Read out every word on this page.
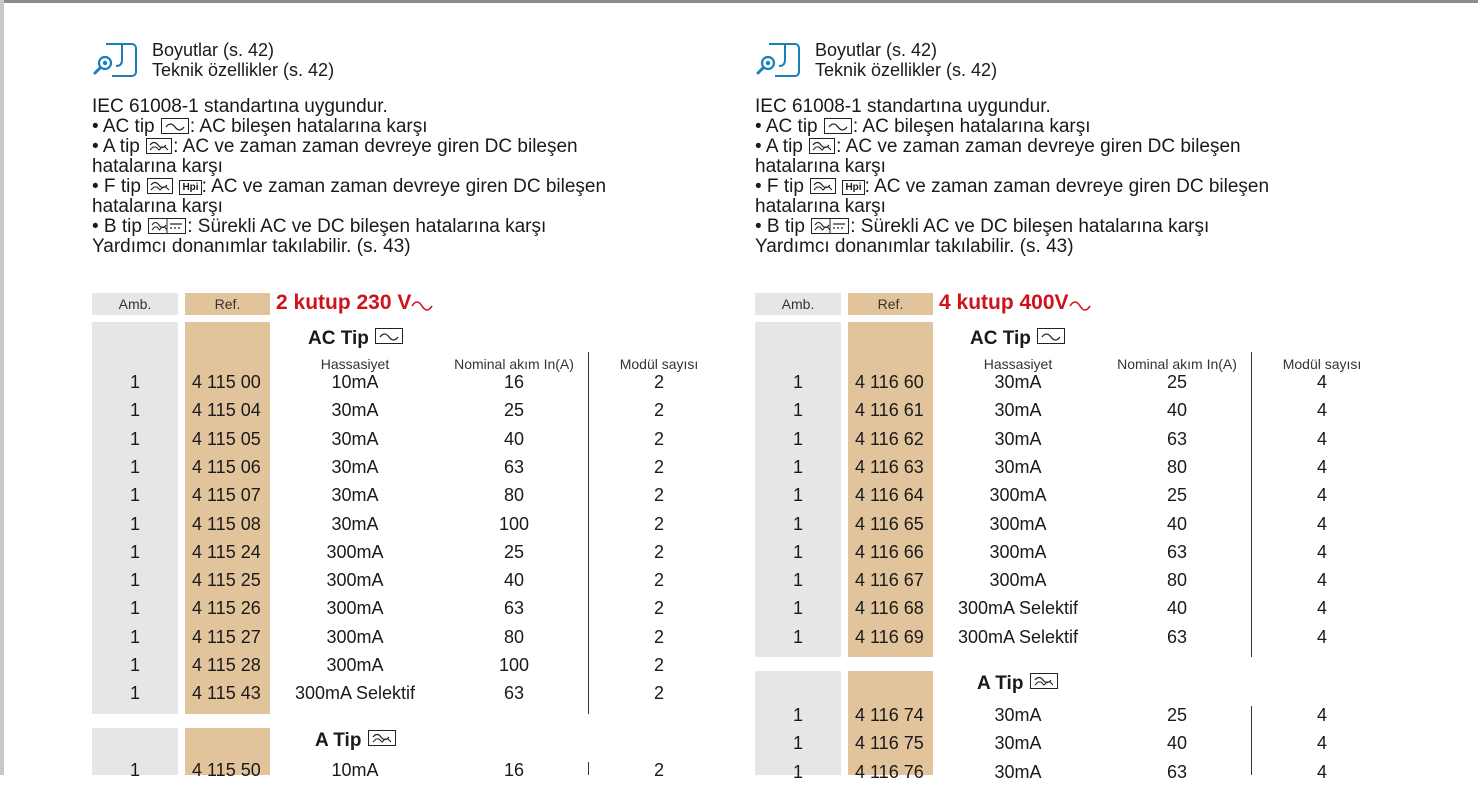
Boyutlar (s. 42)
Teknik özellikler (s. 42)
IEC 61008-1 standartına uygundur.
• AC tip
: AC bileşen hatalarına karşı
• A tip
: AC ve zaman zaman devreye giren DC bileşen hatalarına karşı
• F tip	Hpi : AC ve zaman zaman devreye giren DC bileşen hatalarına karşı
• B tip
: Sürekli AC ve DC bileşen hatalarına karşı
Yardımcı donanımlar takılabilir. (s. 43)
Amb.	Ref.	2 kutup 230 V
AC Tip
Hassasiyet	Nominal akım In(A)	Modül sayısı
1	4 115 00	10mA	16	2
1	4 115 04	30mA	25	2
1	4 115 05	30mA	40	2
1	4 115 06	30mA	63	2
1	4 115 07	30mA	80	2
1	4 115 08	30mA	100	2
1	4 115 24	300mA	25	2
1	4 115 25	300mA	40	2
1	4 115 26	300mA	63	2
1	4 115 27	300mA	80	2
1	4 115 28	300mA	100	2
1	4 115 43	300mA Selektif	63	2
A Tip
1	4 115 50	10mA	16	2
Boyutlar (s. 42)
Teknik özellikler (s. 42)
IEC 61008-1 standartına uygundur.
• AC tip
: AC bileşen hatalarına karşı
• A tip
: AC ve zaman zaman devreye giren DC bileşen hatalarına karşı
• F tip	Hpi : AC ve zaman zaman devreye giren DC bileşen hatalarına karşı
• B tip
: Sürekli AC ve DC bileşen hatalarına karşı
Yardımcı donanımlar takılabilir. (s. 43)
Amb.	Ref.	4 kutup 400V
AC Tip
Hassasiyet	Nominal akım In(A)	Modül sayısı
1	4 116 60	30mA	25	4
1	4 116 61	30mA	40	4
1	4 116 62	30mA	63	4
1	4 116 63	30mA	80	4
1	4 116 64	300mA	25	4
1	4 116 65	300mA	40	4
1	4 116 66	300mA	63	4
1	4 116 67	300mA	80	4
1	4 116 68	300mA Selektif	40	4
1	4 116 69	300mA Selektif	63	4
A Tip
1	4 116 74	30mA	25	4
1	4 116 75	30mA	40	4
1	4 116 76	30mA	63	4
